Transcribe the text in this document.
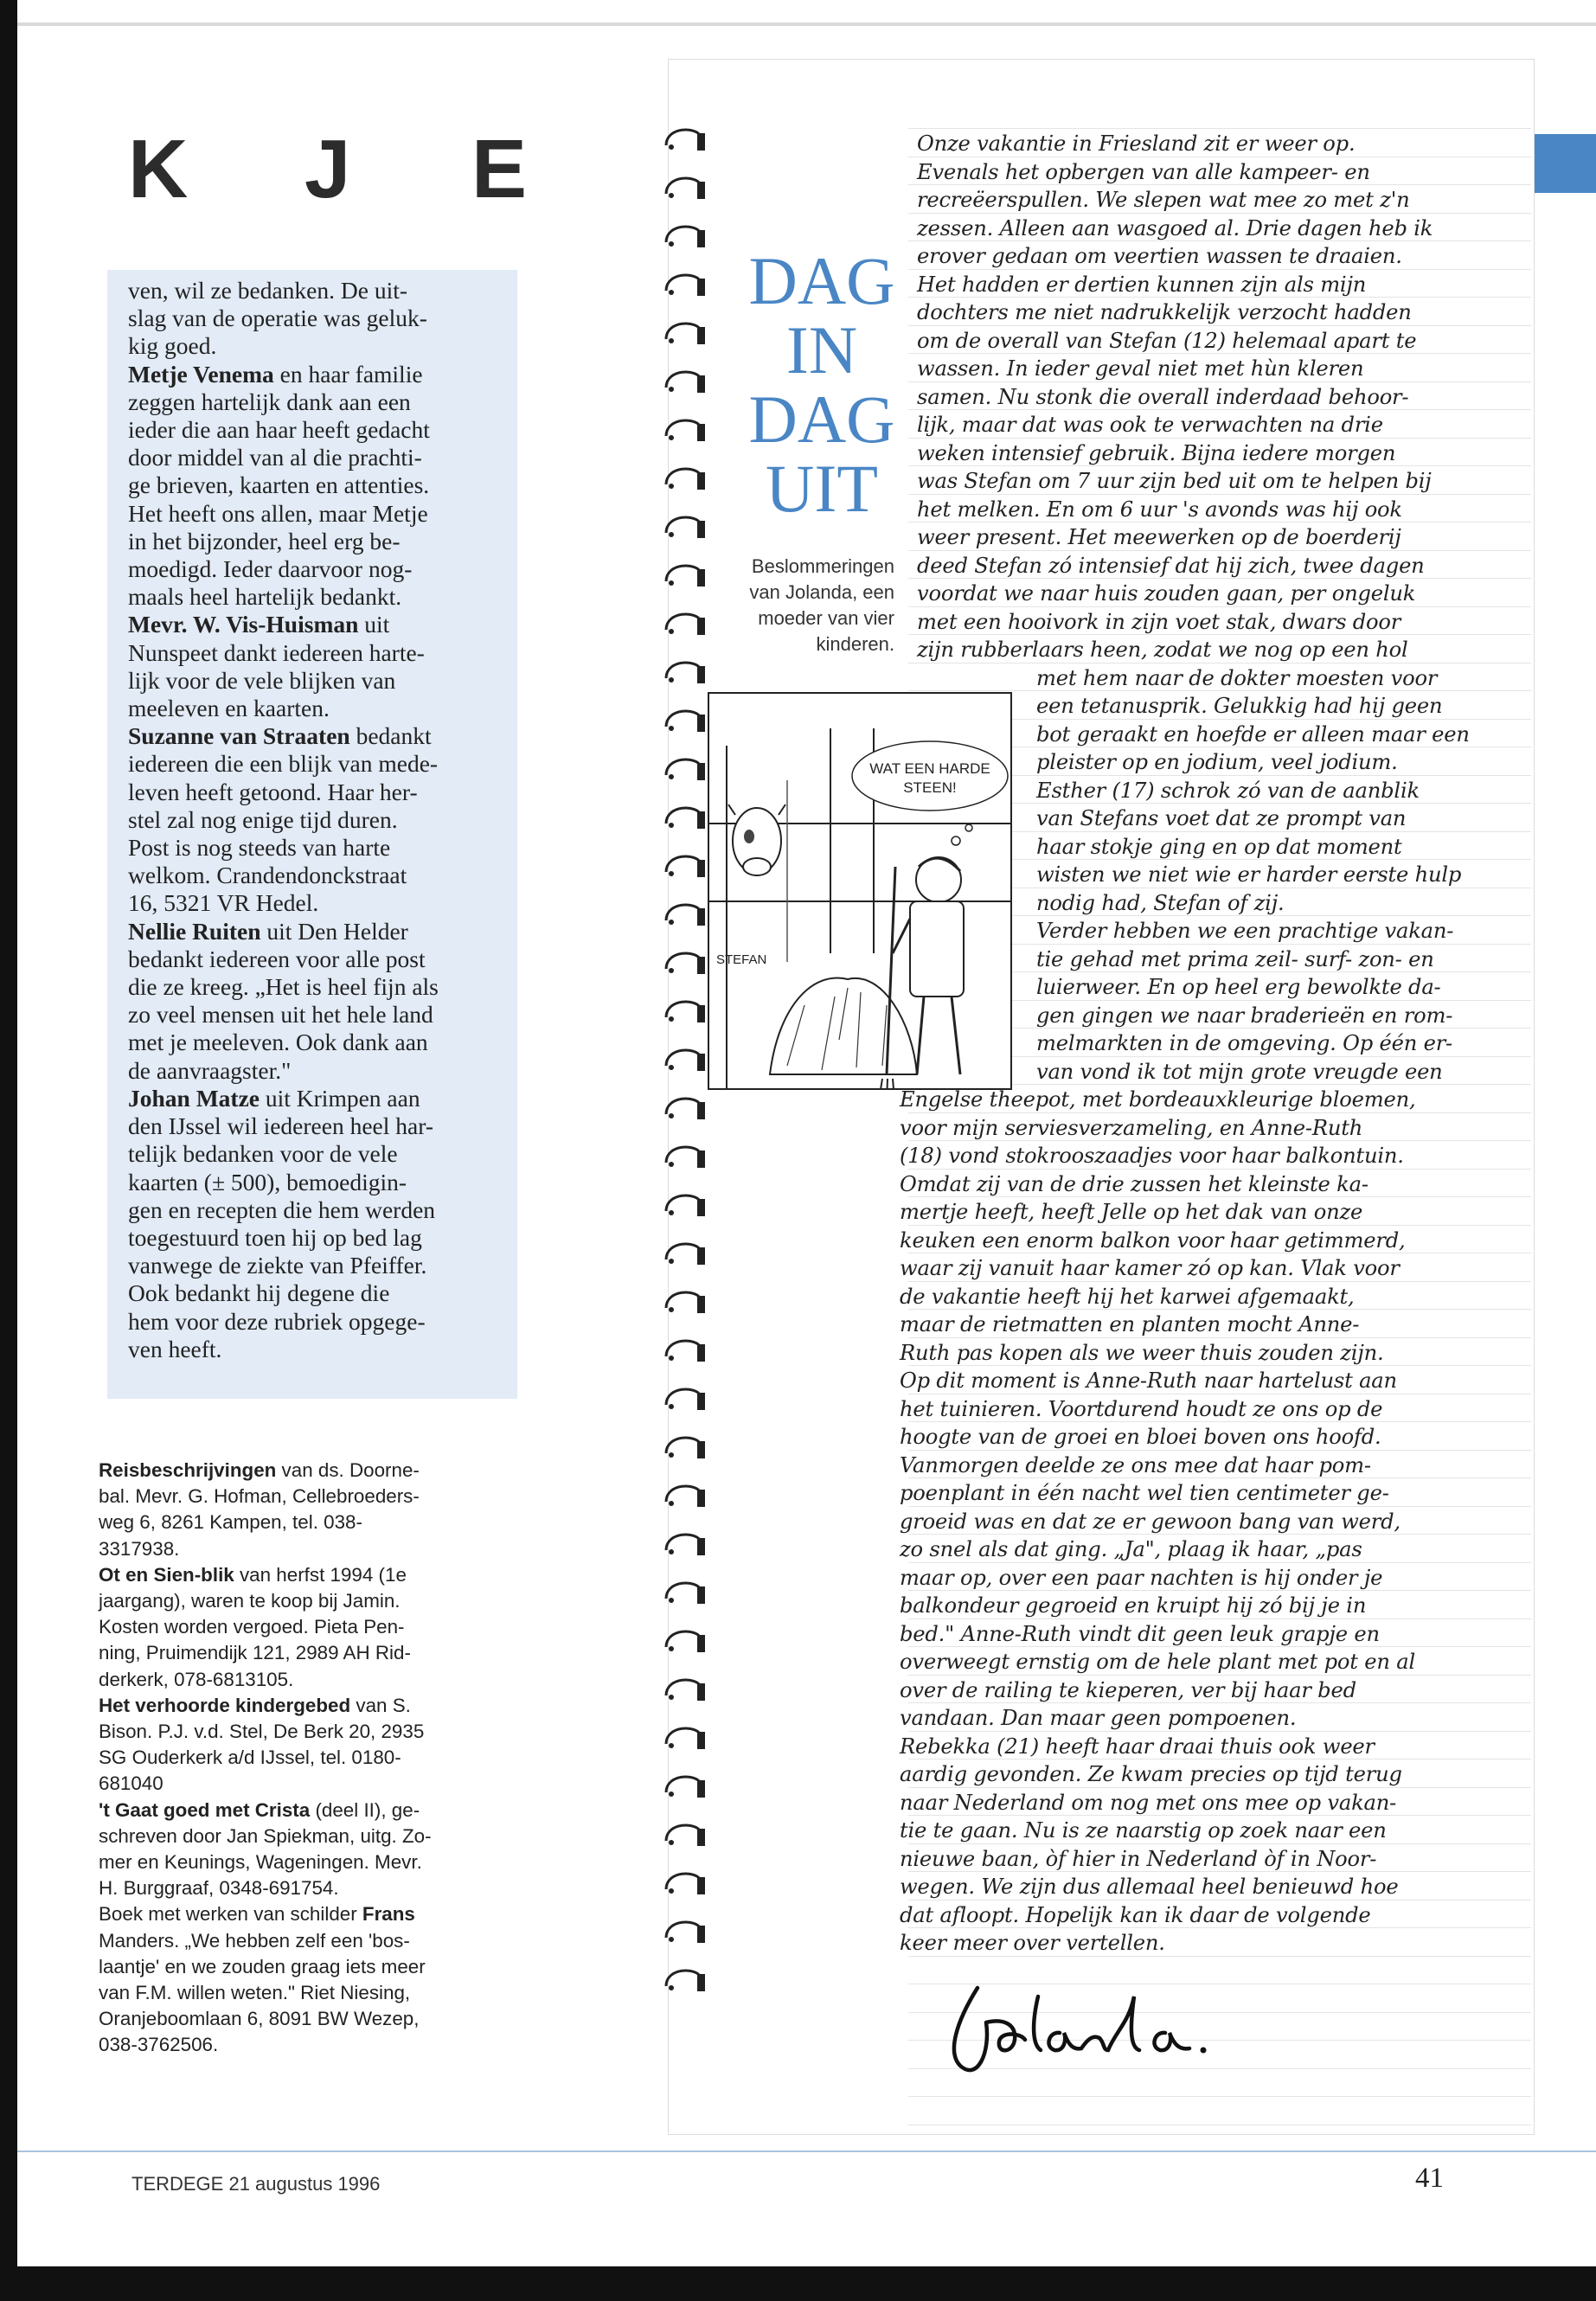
K J E
ven, wil ze bedanken. De uit-
slag van de operatie was geluk-
kig goed.
Metje Venema en haar familie
zeggen hartelijk dank aan een
ieder die aan haar heeft gedacht
door middel van al die prachti-
ge brieven, kaarten en attenties.
Het heeft ons allen, maar Metje
in het bijzonder, heel erg be-
moedigd. Ieder daarvoor nog-
maals heel hartelijk bedankt.
Mevr. W. Vis-Huisman uit
Nunspeet dankt iedereen harte-
lijk voor de vele blijken van
meeleven en kaarten.
Suzanne van Straaten bedankt
iedereen die een blijk van mede-
leven heeft getoond. Haar her-
stel zal nog enige tijd duren.
Post is nog steeds van harte
welkom. Crandendonckstraat
16, 5321 VR Hedel.
Nellie Ruiten uit Den Helder
bedankt iedereen voor alle post
die ze kreeg. „Het is heel fijn als
zo veel mensen uit het hele land
met je meeleven. Ook dank aan
de aanvraagster."
Johan Matze uit Krimpen aan
den IJssel wil iedereen heel har-
telijk bedanken voor de vele
kaarten (± 500), bemoedigin-
gen en recepten die hem werden
toegestuurd toen hij op bed lag
vanwege de ziekte van Pfeiffer.
Ook bedankt hij degene die
hem voor deze rubriek opgege-
ven heeft.
Reisbeschrijvingen van ds. Doorne-
bal. Mevr. G. Hofman, Cellebroeders-
weg 6, 8261 Kampen, tel. 038-
3317938.
Ot en Sien-blik van herfst 1994 (1e
jaargang), waren te koop bij Jamin.
Kosten worden vergoed. Pieta Pen-
ning, Pruimendijk 121, 2989 AH Rid-
derkerk, 078-6813105.
Het verhoorde kindergebed van S.
Bison. P.J. v.d. Stel, De Berk 20, 2935
SG Ouderkerk a/d IJssel, tel. 0180-
681040
't Gaat goed met Crista (deel II), ge-
schreven door Jan Spiekman, uitg. Zo-
mer en Keunings, Wageningen. Mevr.
H. Burggraaf, 0348-691754.
Boek met werken van schilder Frans
Manders. „We hebben zelf een 'bos-
laantje' en we zouden graag iets meer
van F.M. willen weten." Riet Niesing,
Oranjeboomlaan 6, 8091 BW Wezep,
038-3762506.
DAG
IN
DAG
UIT
Beslommeringen
van Jolanda, een
moeder van vier
kinderen.
WAT EEN HARDE
STEEN!
STEFAN
Onze vakantie in Friesland zit er weer op.
Evenals het opbergen van alle kampeer- en
recreëerspullen. We slepen wat mee zo met z'n
zessen. Alleen aan wasgoed al. Drie dagen heb ik
erover gedaan om veertien wassen te draaien.
Het hadden er dertien kunnen zijn als mijn
dochters me niet nadrukkelijk verzocht hadden
om de overall van Stefan (12) helemaal apart te
wassen. In ieder geval niet met hùn kleren
samen. Nu stonk die overall inderdaad behoor-
lijk, maar dat was ook te verwachten na drie
weken intensief gebruik. Bijna iedere morgen
was Stefan om 7 uur zijn bed uit om te helpen bij
het melken. En om 6 uur 's avonds was hij ook
weer present. Het meewerken op de boerderij
deed Stefan zó intensief dat hij zich, twee dagen
voordat we naar huis zouden gaan, per ongeluk
met een hooivork in zijn voet stak, dwars door
zijn rubberlaars heen, zodat we nog op een hol
met hem naar de dokter moesten voor
een tetanusprik. Gelukkig had hij geen
bot geraakt en hoefde er alleen maar een
pleister op en jodium, veel jodium.
Esther (17) schrok zó van de aanblik
van Stefans voet dat ze prompt van
haar stokje ging en op dat moment
wisten we niet wie er harder eerste hulp
nodig had, Stefan of zij.
Verder hebben we een prachtige vakan-
tie gehad met prima zeil- surf- zon- en
luierweer. En op heel erg bewolkte da-
gen gingen we naar braderieën en rom-
melmarkten in de omgeving. Op één er-
van vond ik tot mijn grote vreugde een
Engelse theepot, met bordeauxkleurige bloemen,
voor mijn serviesverzameling, en Anne-Ruth
(18) vond stokrooszaadjes voor haar balkontuin.
Omdat zij van de drie zussen het kleinste ka-
mertje heeft, heeft Jelle op het dak van onze
keuken een enorm balkon voor haar getimmerd,
waar zij vanuit haar kamer zó op kan. Vlak voor
de vakantie heeft hij het karwei afgemaakt,
maar de rietmatten en planten mocht Anne-
Ruth pas kopen als we weer thuis zouden zijn.
Op dit moment is Anne-Ruth naar hartelust aan
het tuinieren. Voortdurend houdt ze ons op de
hoogte van de groei en bloei boven ons hoofd.
Vanmorgen deelde ze ons mee dat haar pom-
poenplant in één nacht wel tien centimeter ge-
groeid was en dat ze er gewoon bang van werd,
zo snel als dat ging. „Ja", plaag ik haar, „pas
maar op, over een paar nachten is hij onder je
balkondeur gegroeid en kruipt hij zó bij je in
bed." Anne-Ruth vindt dit geen leuk grapje en
overweegt ernstig om de hele plant met pot en al
over de railing te kieperen, ver bij haar bed
vandaan. Dan maar geen pompoenen.
Rebekka (21) heeft haar draai thuis ook weer
aardig gevonden. Ze kwam precies op tijd terug
naar Nederland om nog met ons mee op vakan-
tie te gaan. Nu is ze naarstig op zoek naar een
nieuwe baan, òf hier in Nederland òf in Noor-
wegen. We zijn dus allemaal heel benieuwd hoe
dat afloopt. Hopelijk kan ik daar de volgende
keer meer over vertellen.
TERDEGE 21 augustus 1996	41
